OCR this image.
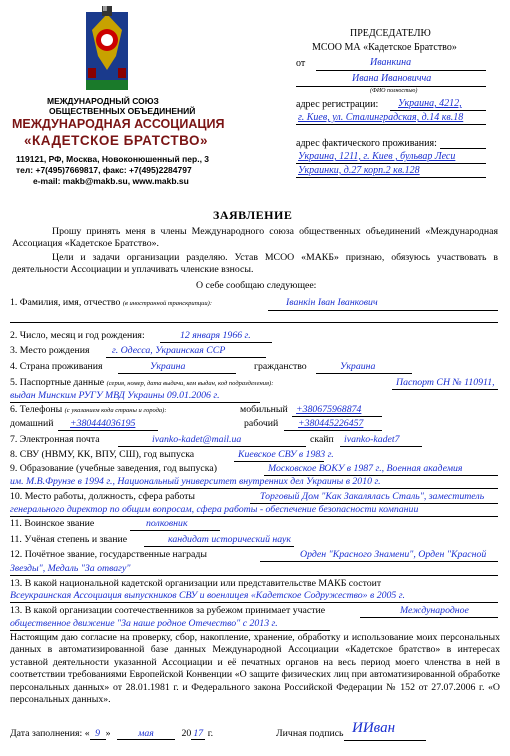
II
МЕЖДУНАРОДНЫЙ СОЮЗ
ОБЩЕСТВЕННЫХ ОБЪЕДИНЕНИЙ
МЕЖДУНАРОДНАЯ АССОЦИАЦИЯ
«КАДЕТСКОЕ БРАТСТВО»
119121, РФ, Москва, Новоконюшенный пер., 3
тел: +7(495)7669817, факс: +7(495)2284797
e-mail: makb@makb.su, www.makb.su
ПРЕДСЕДАТЕЛЮ
МСОО МА «Кадетское Братство»
от	Иванкина
Ивана Ивановичча
(ФИО полностью)
адрес регистрации: Украина, 4212,
г. Киев, ул. Сталинградская, д.14 кв.18
адрес фактического проживания:
Украина, 1211, г. Киев , бульвар Леси
Украинки, д.27 корп.2 кв.128
ЗАЯВЛЕНИЕ
Прошу принять меня в члены Международного союза общественных объединений «Международная Ассоциация «Кадетское Братство».
Цели и задачи организации разделяю. Устав МСОО «МАКБ» признаю, обязуюсь участвовать в деятельности Ассоциации и уплачивать членские взносы.
О себе сообщаю следующее:
1. Фамилия, имя, отчество (в иностранной транскрипции):	Іванкін Іван Іванкович
2. Число, месяц и год рождения:	12 января 1966 г.
3. Место рождения г. Одесса, Украинская ССР
4. Страна проживания	Украина	гражданство	Украина
5. Паспортные данные (серия, номер, дата выдачи, кем выдан, код подразделения):	Паспорт СН № 110911,
выдан Минским РУГУ МВД Украины 09.01.2006 г.
6. Телефоны (с указанием кода страны и города):	мобильный +380675968874
домашний +380444036195	рабочий +380445226457
7. Электронная почта	ivanko-kadet@mail.ua	скайп ivanko-kadet7
8. СВУ (НВМУ, КК, ВПУ, СШ), год выпуска	Киевское СВУ в 1983 г.
9. Образование (учебные заведения, год выпуска)	Московское ВОКУ в 1987 г., Военная академия
им. М.В.Фрунзе в 1994 г., Национальный университет внутренних дел Украины в 2010 г.
10. Место работы, должность, сфера работы	Торговый Дом "Как Закалялась Сталь", заместитель
генерального директор по общим вопросам, сфера работы - обеспечение безопасности компании
11. Воинское звание	полковник
11. Учёная степень и звание	кандидат исторический наук
12. Почётное звание, государственные награды	Орден "Красного Знамени", Орден "Красной
Звезды", Медаль "За отвагу"
13. В какой национальной кадетской организации или представительстве МАКБ состоит
Всеукраинская Ассоциация выпускников СВУ и военлицея «Кадетское Содружество» в 2005 г.
13. В какой организации соотечественников за рубежом принимает участие	Международное
общественное движение "За наше родное Отечество" с 2013 г.
Настоящим даю согласие на проверку, сбор, накопление, хранение, обработку и использование моих персональных данных в автоматизированной базе данных Международной Ассоциации «Кадетское братство» в интересах уставной деятельности указанной Ассоциации и её печатных органов на весь период моего членства в ней в соответствии требованиями Европейской Конвенции «О защите физических лиц при автоматизированной обработке персональных данных» от 28.01.1981 г. и Федерального закона Российской Федерации № 152 от 27.07.2006 г. «О персональных данных».
Дата заполнения: « 9 »	мая	20 17 г.	Личная подпись ИИван
